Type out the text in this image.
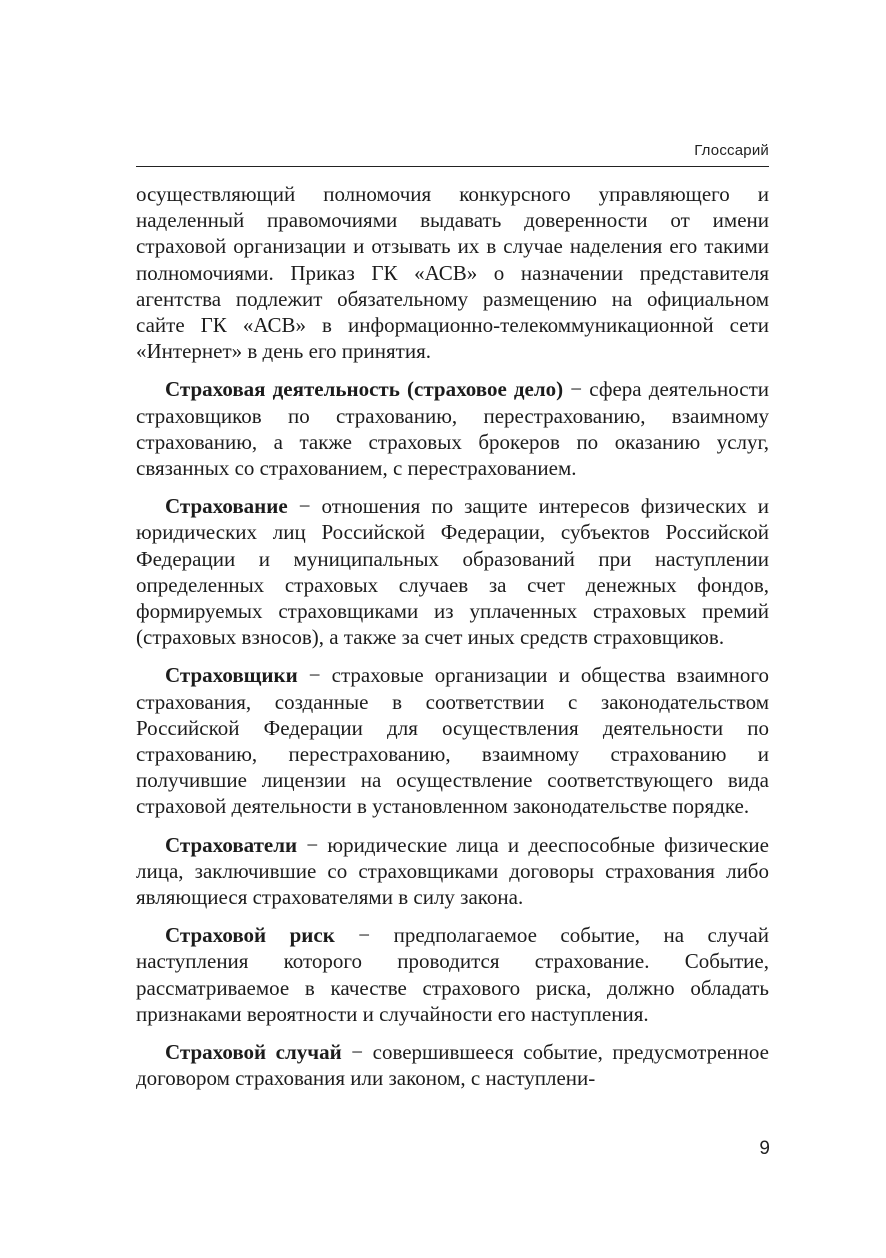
Глоссарий

осуществляющий полномочия конкурсного управляющего и наделенный правомочиями выдавать доверенности от имени страховой организации и отзывать их в случае наделения его такими полномочиями. Приказ ГК «АСВ» о назначении представителя агентства подлежит обязательному размещению на официальном сайте ГК «АСВ» в информационно-телекоммуникационной сети «Интернет» в день его принятия.

Страховая деятельность (страховое дело) − сфера деятельности страховщиков по страхованию, перестрахованию, взаимному страхованию, а также страховых брокеров по оказанию услуг, связанных со страхованием, с перестрахованием.

Страхование − отношения по защите интересов физических и юридических лиц Российской Федерации, субъектов Российской Федерации и муниципальных образований при наступлении определенных страховых случаев за счет денежных фондов, формируемых страховщиками из уплаченных страховых премий (страховых взносов), а также за счет иных средств страховщиков.

Страховщики − страховые организации и общества взаимного страхования, созданные в соответствии с законодательством Российской Федерации для осуществления деятельности по страхованию, перестрахованию, взаимному страхованию и получившие лицензии на осуществление соответствующего вида страховой деятельности в установленном законодательстве порядке.

Страхователи − юридические лица и дееспособные физические лица, заключившие со страховщиками договоры страхования либо являющиеся страхователями в силу закона.

Страховой риск − предполагаемое событие, на случай наступления которого проводится страхование. Событие, рассматриваемое в качестве страхового риска, должно обладать признаками вероятности и случайности его наступления.

Страховой случай − совершившееся событие, предусмотренное договором страхования или законом, с наступлени-

9
